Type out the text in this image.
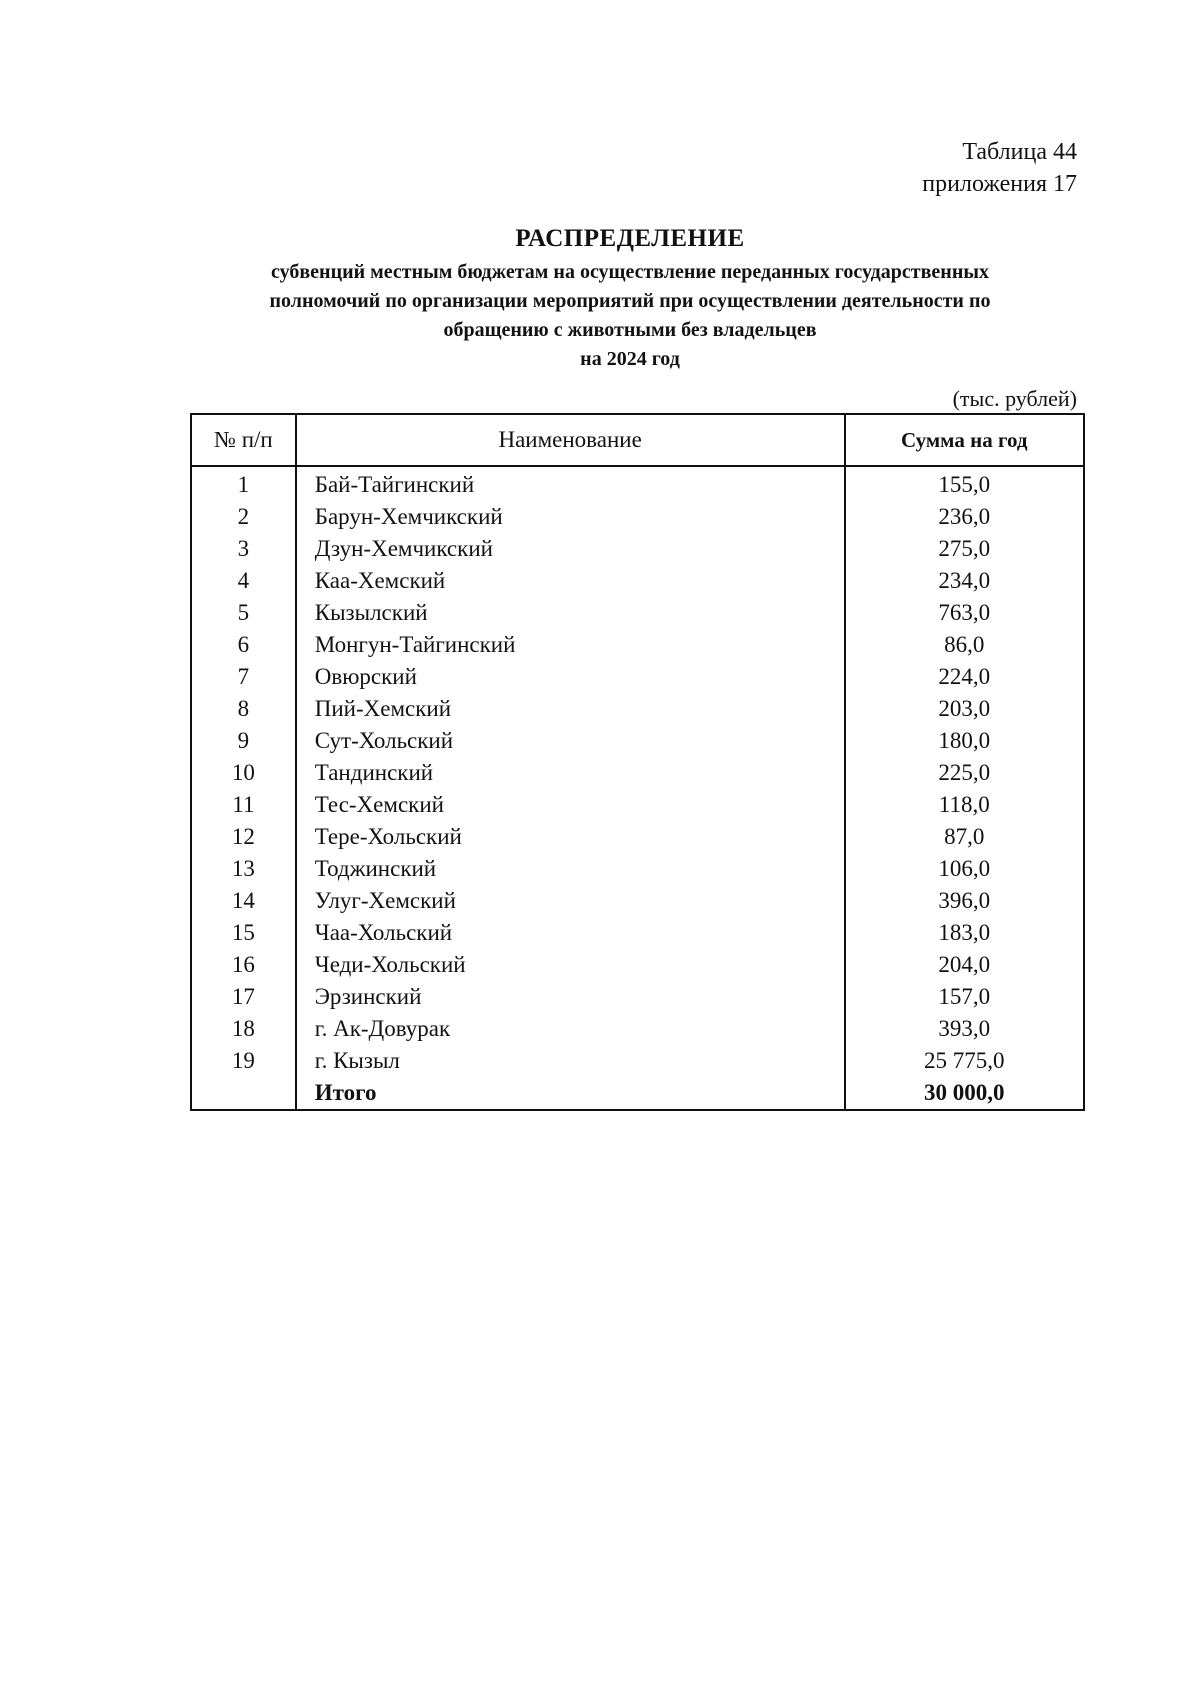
Таблица 44
приложения 17
РАСПРЕДЕЛЕНИЕ
субвенций местным бюджетам на осуществление переданных государственных
полномочий по организации мероприятий при осуществлении деятельности по
обращению с животными без владельцев
на 2024 год
(тыс. рублей)
№ п/п	Наименование	Сумма на год
1	Бай-Тайгинский	155,0
2	Барун-Хемчикский	236,0
3	Дзун-Хемчикский	275,0
4	Каа-Хемский	234,0
5	Кызылский	763,0
6	Монгун-Тайгинский	86,0
7	Овюрский	224,0
8	Пий-Хемский	203,0
9	Сут-Хольский	180,0
10	Тандинский	225,0
11	Тес-Хемский	118,0
12	Тере-Хольский	87,0
13	Тоджинский	106,0
14	Улуг-Хемский	396,0
15	Чаа-Хольский	183,0
16	Чеди-Хольский	204,0
17	Эрзинский	157,0
18	г. Ак-Довурак	393,0
19	г. Кызыл	25 775,0
	Итого	30 000,0
